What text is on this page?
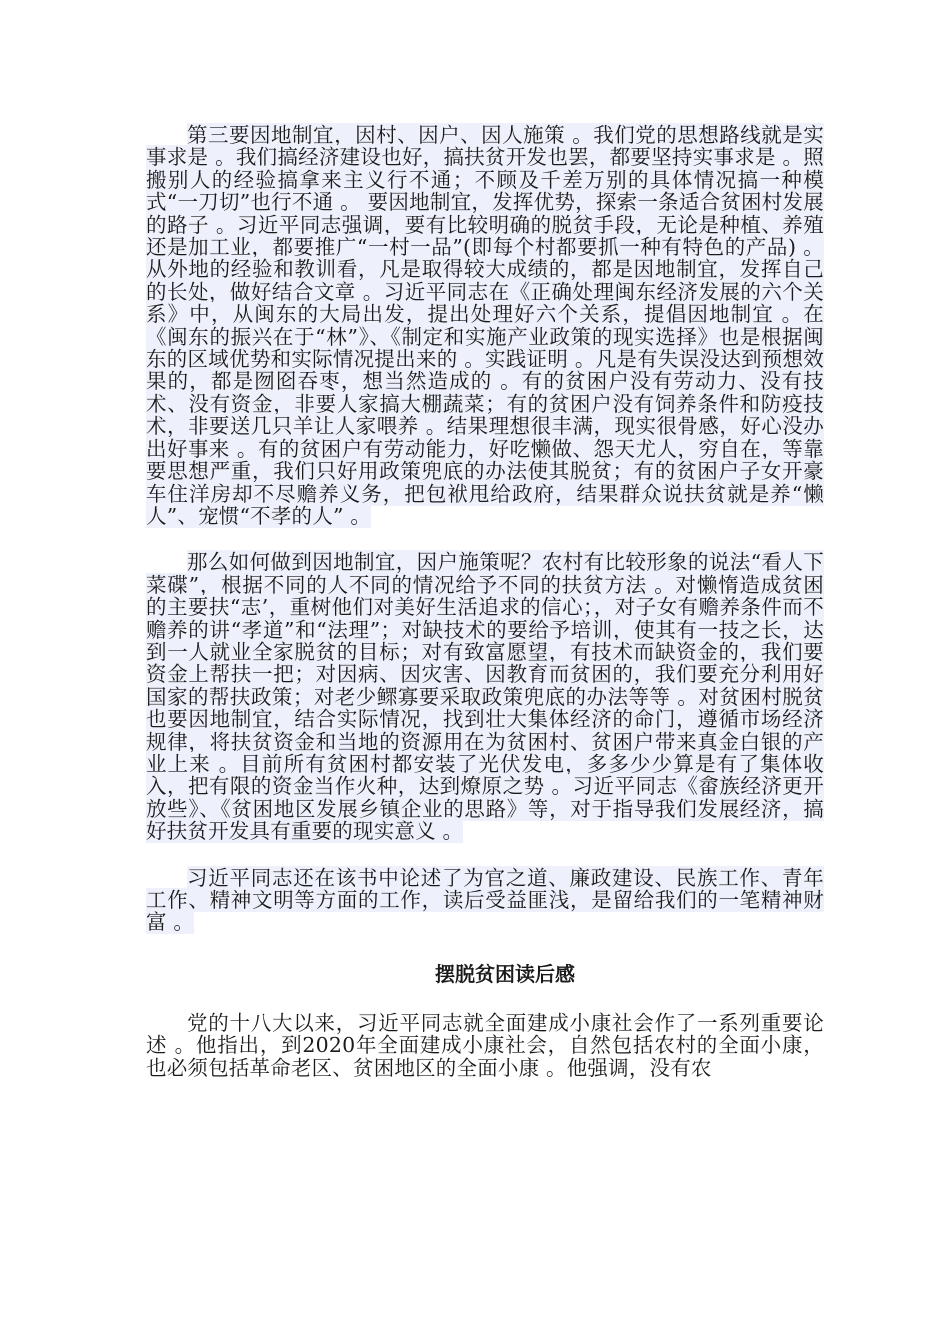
第三要因地制宜，因村、因户、因人施策 。我们党的思想路线就是实事求是 。我们搞经济建设也好，搞扶贫开发也罢，都要坚持实事求是 。照搬别人的经验搞拿来主义行不通；不顾及千差万别的具体情况搞一种模式“一刀切”也行不通 。 要因地制宜，发挥优势，探索一条适合贫困村发展的路子 。习近平同志强调，要有比较明确的脱贫手段，无论是种植、养殖还是加工业，都要推广“一村一品”(即每个村都要抓一种有特色的产品) 。从外地的经验和教训看，凡是取得较大成绩的，都是因地制宜，发挥自己的长处，做好结合文章 。习近平同志在《正确处理闽东经济发展的六个关系》中，从闽东的大局出发，提出处理好六个关系，提倡因地制宜 。在《闽东的振兴在于“林”》、《制定和实施产业政策的现实选择》也是根据闽东的区域优势和实际情况提出来的 。实践证明 。凡是有失误没达到预想效果的，都是囫囵吞枣，想当然造成的 。有的贫困户没有劳动力、没有技术、没有资金，非要人家搞大棚蔬菜；有的贫困户没有饲养条件和防疫技术，非要送几只羊让人家喂养 。结果理想很丰满，现实很骨感，好心没办出好事来 。有的贫困户有劳动能力，好吃懒做、怨天尤人，穷自在，等靠要思想严重，我们只好用政策兜底的办法使其脱贫；有的贫困户子女开豪车住洋房却不尽赡养义务，把包袱甩给政府，结果群众说扶贫就是养“懒人”、宠惯“不孝的人” 。

那么如何做到因地制宜，因户施策呢？农村有比较形象的说法“看人下菜碟”，根据不同的人不同的情况给予不同的扶贫方法 。对懒惰造成贫困的主要扶“志’，重树他们对美好生活追求的信心；，对子女有赡养条件而不赡养的讲“孝道”和“法理”；对缺技术的要给予培训，使其有一技之长，达到一人就业全家脱贫的目标；对有致富愿望，有技术而缺资金的，我们要资金上帮扶一把；对因病、因灾害、因教育而贫困的，我们要充分利用好国家的帮扶政策；对老少鳏寡要采取政策兜底的办法等等 。对贫困村脱贫也要因地制宜，结合实际情况，找到壮大集体经济的命门，遵循市场经济规律，将扶贫资金和当地的资源用在为贫困村、贫困户带来真金白银的产业上来 。目前所有贫困村都安装了光伏发电，多多少少算是有了集体收入，把有限的资金当作火种，达到燎原之势 。习近平同志《畲族经济更开放些》、《贫困地区发展乡镇企业的思路》等，对于指导我们发展经济，搞好扶贫开发具有重要的现实意义 。

习近平同志还在该书中论述了为官之道、廉政建设、民族工作、青年工作、精神文明等方面的工作，读后受益匪浅，是留给我们的一笔精神财富 。

摆脱贫困读后感

党的十八大以来，习近平同志就全面建成小康社会作了一系列重要论述 。他指出，到2020年全面建成小康社会，自然包括农村的全面小康，也必须包括革命老区、贫困地区的全面小康 。他强调，没有农
